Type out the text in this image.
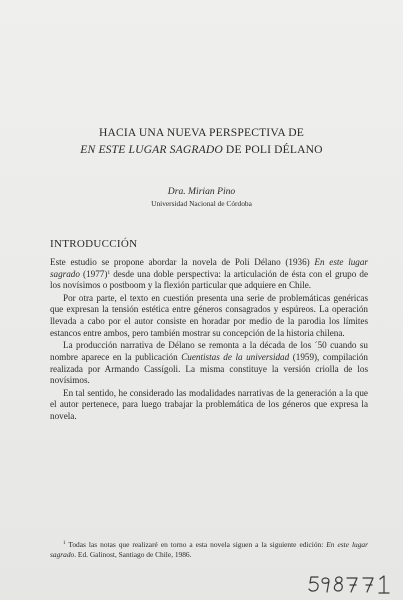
HACIA UNA NUEVA PERSPECTIVA DE
EN ESTE LUGAR SAGRADO DE POLI DÉLANO
Dra. Mirian Pino
Universidad Nacional de Córdoba
INTRODUCCIÓN

Este estudio se propone abordar la novela de Poli Délano (1936) En este lugar sagrado (1977)$^1$ desde una doble perspectiva: la articulación de ésta con el grupo de los novísimos o postboom y la flexión particular que adquiere en Chile.

Por otra parte, el texto en cuestión presenta una serie de problemáticas genéricas que expresan la tensión estética entre géneros consagrados y espúreos. La operación llevada a cabo por el autor consiste en horadar por medio de la parodia los límites estancos entre ambos, pero también mostrar su concepción de la historia chilena.

La producción narrativa de Délano se remonta a la década de los ´50 cuando su nombre aparece en la publicación Cuentistas de la universidad (1959), compilación realizada por Armando Cassígoli. La misma constituye la versión criolla de los novísimos.

En tal sentido, he considerado las modalidades narrativas de la generación a la que el autor pertenece, para luego trabajar la problemática de los géneros que expresa la novela.

$^1$ Todas las notas que realizaré en torno a esta novela siguen a la siguiente edición: En este lugar sagrado. Ed. Galinost, Santiago de Chile, 1986.
